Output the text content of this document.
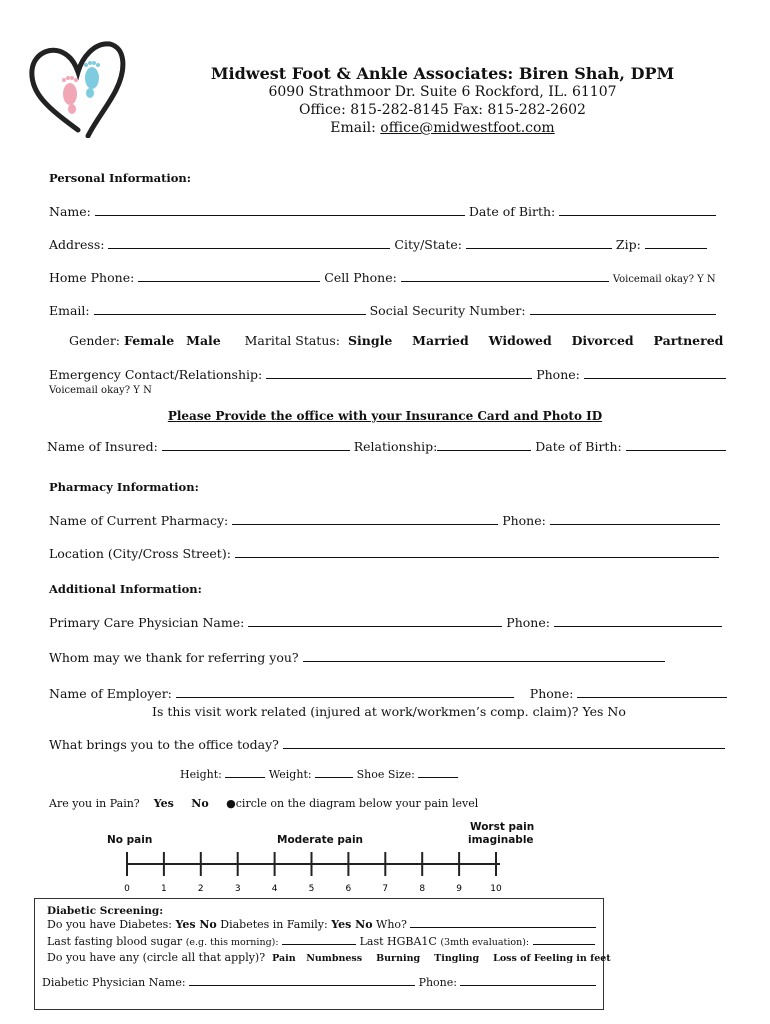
Midwest Foot & Ankle Associates: Biren Shah, DPM
6090 Strathmoor Dr. Suite 6 Rockford, IL. 61107
Office: 815-282-8145 Fax: 815-282-2602
Email: office@midwestfoot.com
Personal Information:
Name:	Date of Birth:
Address:	City/State:	Zip:
Home Phone:	Cell Phone:	Voicemail okay? Y N
Email:	Social Security Number:
Gender: Female Male Marital Status: Single Married Widowed Divorced Partnered
Emergency Contact/Relationship:	Phone:
Voicemail okay? Y N
Please Provide the office with your Insurance Card and Photo ID
Name of Insured:	Relationship:	Date of Birth:
Pharmacy Information:
Name of Current Pharmacy:	Phone:
Location (City/Cross Street):
Additional Information:
Primary Care Physician Name:	Phone:
Whom may we thank for referring you?
Name of Employer:	Phone:
Is this visit work related (injured at work/workmen’s comp. claim)? Yes No
What brings you to the office today?
Height:	Weight:	Shoe Size:
Are you in Pain? Yes No ●circle on the diagram below your pain level
No pain	Moderate pain
Worst pain
imaginable
0	1	2	3	4	5	6	7	8	9	10
Diabetic Screening:
Do you have Diabetes: Yes No Diabetes in Family: Yes No Who?
Last fasting blood sugar (e.g. this morning):	Last HGBA1C (3mth evaluation):
Do you have any (circle all that apply)? Pain Numbness Burning Tingling Loss of Feeling in feet
Diabetic Physician Name:	Phone:
